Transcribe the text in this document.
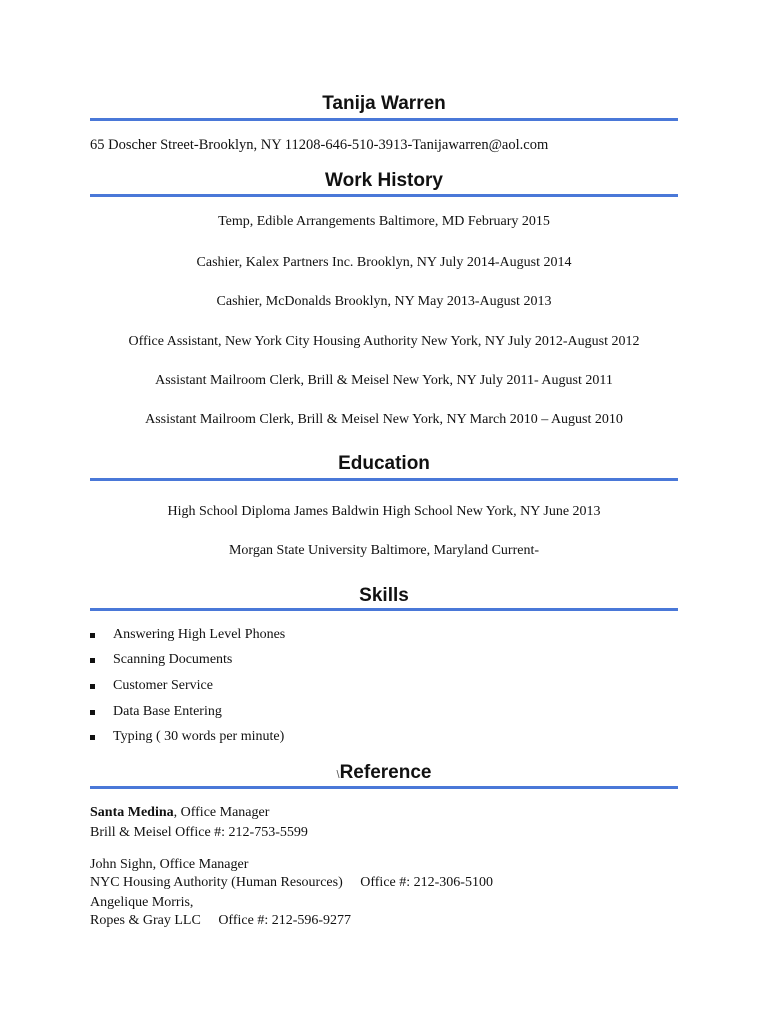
Tanija Warren
65 Doscher Street-Brooklyn, NY 11208-646-510-3913-Tanijawarren@aol.com
Work History
Temp, Edible Arrangements Baltimore, MD February 2015
Cashier, Kalex Partners Inc. Brooklyn, NY July 2014-August 2014
Cashier, McDonalds Brooklyn, NY May 2013-August 2013
Office Assistant, New York City Housing Authority New York, NY July 2012-August 2012
Assistant Mailroom Clerk, Brill & Meisel New York, NY July 2011- August 2011
Assistant Mailroom Clerk, Brill & Meisel New York, NY March 2010 – August 2010
Education
High School Diploma James Baldwin High School New York, NY June 2013
Morgan State University Baltimore, Maryland Current-
Skills
Answering High Level Phones
Scanning Documents
Customer Service
Data Base Entering
Typing ( 30 words per minute)
\Reference
Santa Medina, Office Manager
Brill & Meisel Office #: 212-753-5599
John Sighn, Office Manager
NYC Housing Authority (Human Resources)     Office #: 212-306-5100
Angelique Morris,
Ropes & Gray LLC     Office #: 212-596-9277
